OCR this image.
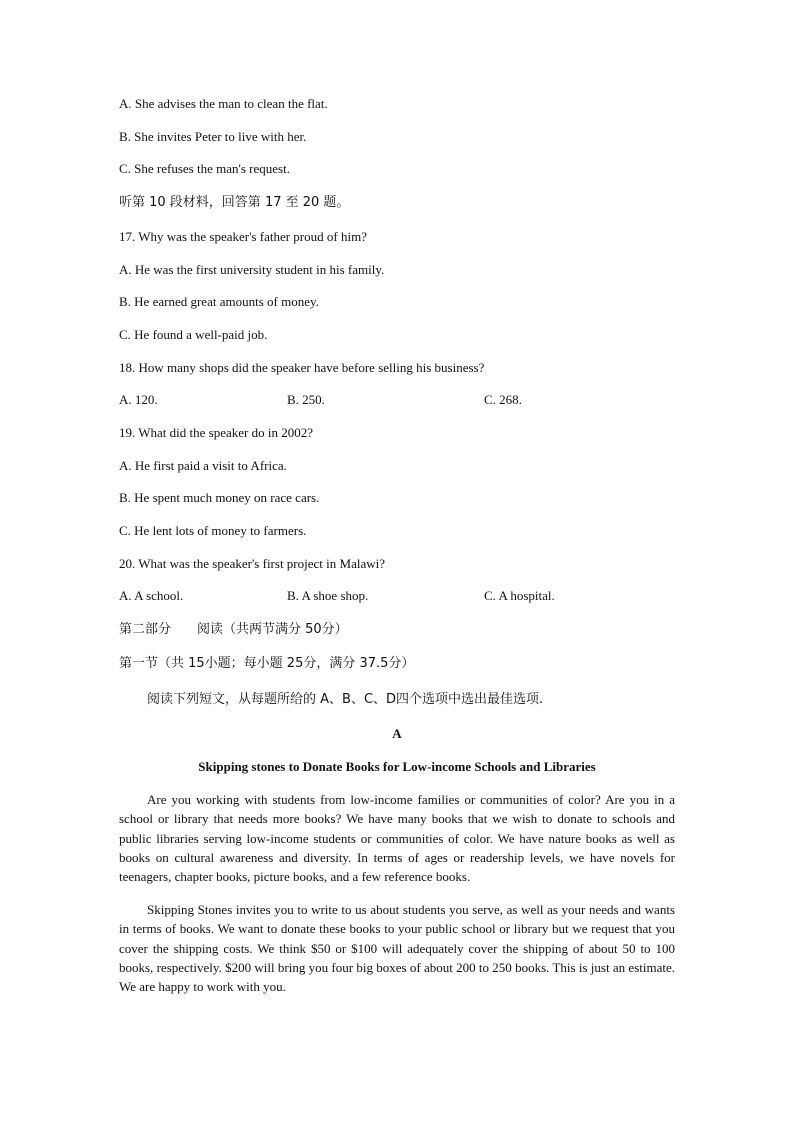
A. She advises the man to clean the flat.
B. She invites Peter to live with her.
C. She refuses the man's request.
听第 10 段材料，回答第 17 至 20 题。
17. Why was the speaker's father proud of him?
A. He was the first university student in his family.
B. He earned great amounts of money.
C. He found a well-paid job.
18. How many shops did the speaker have before selling his business?
A. 120.	B. 250.	C. 268.
19. What did the speaker do in 2002?
A. He first paid a visit to Africa.
B. He spent much money on race cars.
C. He lent lots of money to farmers.
20. What was the speaker's first project in Malawi?
A. A school.	B. A shoe shop.	C. A hospital.
第二部分　　阅读（共两节满分 50分）
第一节（共 15小题；每小题 25分，满分 37.5分）
阅读下列短文，从每题所给的 A、B、C、D四个选项中选出最佳选项.
A
Skipping stones to Donate Books for Low-income Schools and Libraries

Are you working with students from low-income families or communities of color? Are you in a school or library that needs more books? We have many books that we wish to donate to schools and public libraries serving low-income students or communities of color. We have nature books as well as books on cultural awareness and diversity. In terms of ages or readership levels, we have novels for teenagers, chapter books, picture books, and a few reference books.

Skipping Stones invites you to write to us about students you serve, as well as your needs and wants in terms of books. We want to donate these books to your public school or library but we request that you cover the shipping costs. We think $50 or $100 will adequately cover the shipping of about 50 to 100 books, respectively. $200 will bring you four big boxes of about 200 to 250 books. This is just an estimate. We are happy to work with you.
